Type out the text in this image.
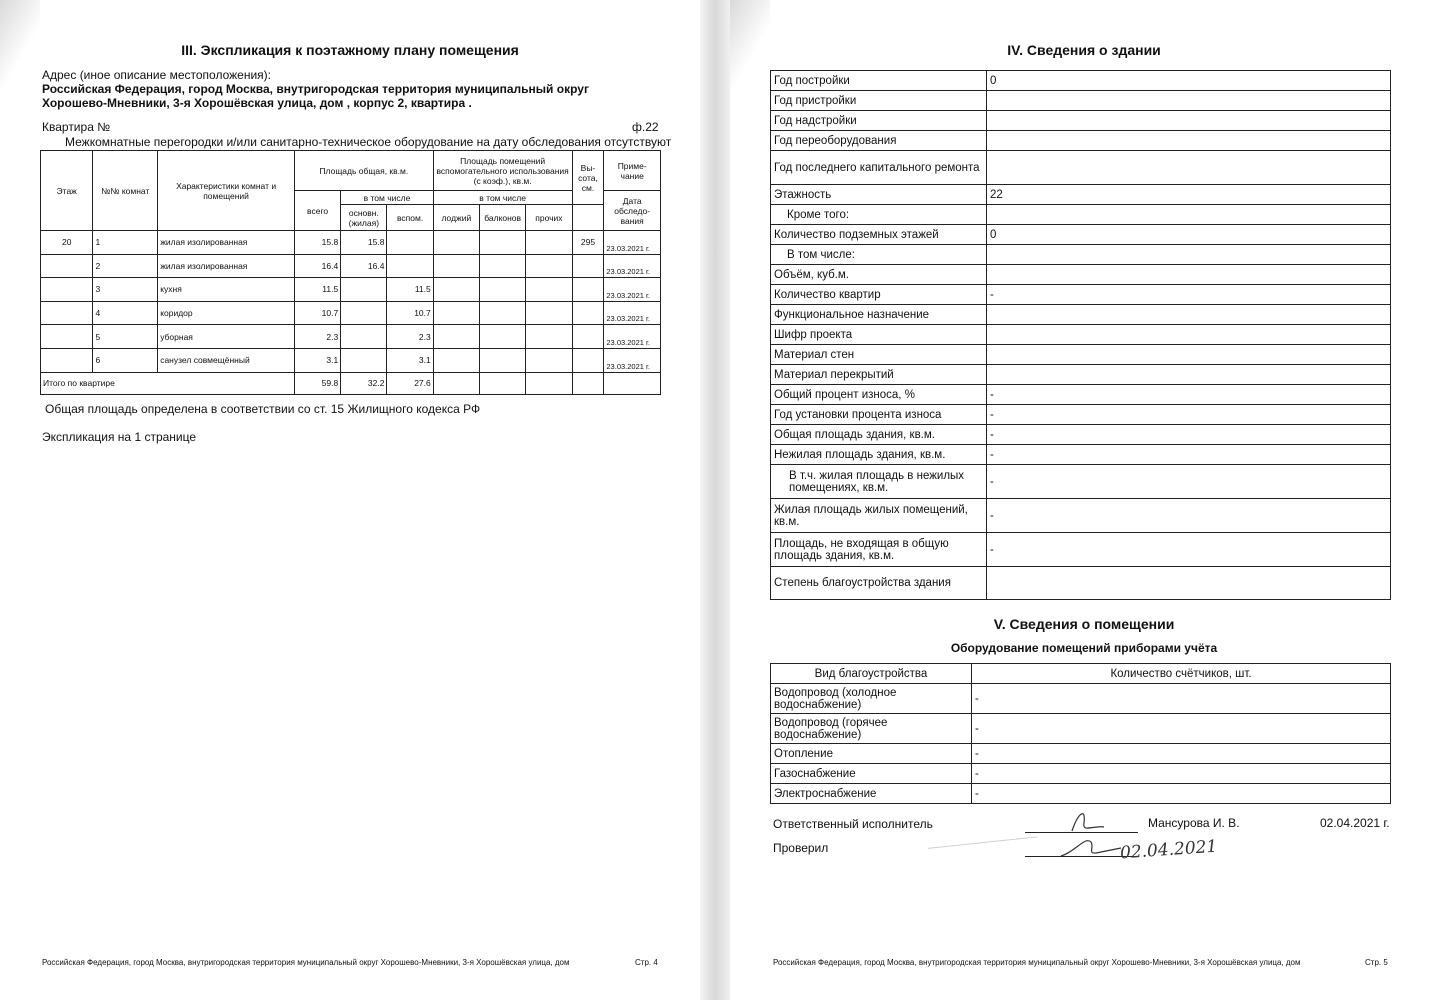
III. Экспликация к поэтажному плану помещения
Адрес (иное описание местоположения):
Российская Федерация, город Москва, внутригородская территория муниципальный округ
Хорошево-Мневники, 3-я Хорошёвская улица, дом , корпус 2, квартира .
Квартира №	ф.22
Межкомнатные перегородки и/или санитарно-техническое оборудование на дату обследования отсутствуют
Этаж	№№ комнат	Характеристики комнат и помещений	Площадь общая, кв.м.			Площадь помещений вспомогательного использования (с коэф.), кв.м.			Вы-сота, см.	Приме-чание
			всего	в том числе		в том числе				Дата обследо-вания
				основн. (жилая)	вспом.	лоджий	балконов	прочих		
20	1	жилая изолированная	15.8	15.8					295	23.03.2021 г.
	2	жилая изолированная	16.4	16.4						23.03.2021 г.
	3	кухня	11.5		11.5					23.03.2021 г.
	4	коридор	10.7		10.7					23.03.2021 г.
	5	уборная	2.3		2.3					23.03.2021 г.
	6	санузел совмещённый	3.1		3.1					23.03.2021 г.
Итого по квартире			59.8	32.2	27.6					
Общая площадь определена в соответствии со ст. 15 Жилищного кодекса РФ
Экспликация на 1 странице
Российская Федерация, город Москва, внутригородская территория муниципальный округ Хорошево-Мневники, 3-я Хорошёвская улица, дом	Стр. 4
IV. Сведения о здании
Год постройки	0
Год пристройки	
Год надстройки	
Год переоборудования	
Год последнего капитального ремонта	
Этажность	22
Кроме того:	
Количество подземных этажей	0
В том числе:	
Объём, куб.м.	
Количество квартир	-
Функциональное назначение	
Шифр проекта	
Материал стен	
Материал перекрытий	
Общий процент износа, %	-
Год установки процента износа	-
Общая площадь здания, кв.м.	-
Нежилая площадь здания, кв.м.	-
В т.ч. жилая площадь в нежилых помещениях, кв.м.	-
Жилая площадь жилых помещений, кв.м.	-
Площадь, не входящая в общую площадь здания, кв.м.	-
Степень благоустройства здания	
V. Сведения о помещении
Оборудование помещений приборами учёта
Вид благоустройства	Количество счётчиков, шт.
Водопровод (холодное водоснабжение)	-
Водопровод (горячее водоснабжение)	-
Отопление	-
Газоснабжение	-
Электроснабжение	-
Ответственный исполнитель	Мансурова И. В.	02.04.2021 г.
Проверил	02.04.2021
Российская Федерация, город Москва, внутригородская территория муниципальный округ Хорошево-Мневники, 3-я Хорошёвская улица, дом	Стр. 5
